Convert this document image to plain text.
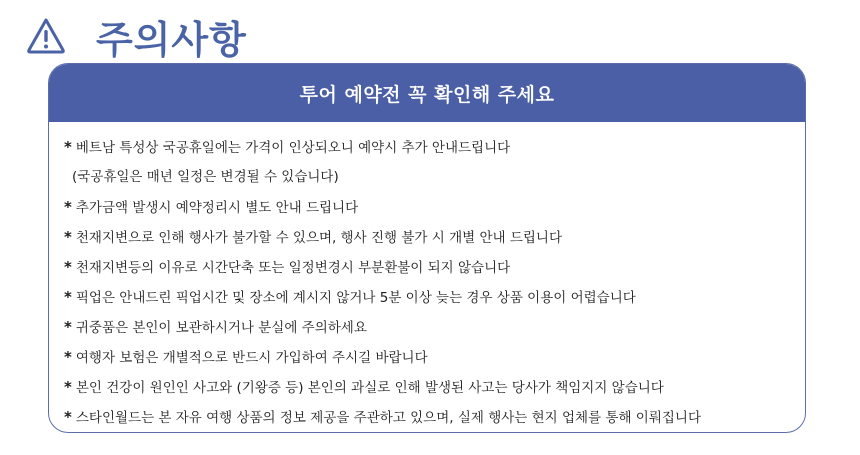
주의사항
투어 예약전 꼭 확인해 주세요
* 베트남 특성상 국공휴일에는 가격이 인상되오니 예약시 추가 안내드립니다
(국공휴일은 매년 일정은 변경될 수 있습니다)
* 추가금액 발생시 예약정리시 별도 안내 드립니다
* 천재지변으로 인해 행사가 불가할 수 있으며, 행사 진행 불가 시 개별 안내 드립니다
* 천재지변등의 이유로 시간단축 또는 일정변경시 부분환불이 되지 않습니다
* 픽업은 안내드린 픽업시간 및 장소에 계시지 않거나 5분 이상 늦는 경우 상품 이용이 어렵습니다
* 귀중품은 본인이 보관하시거나 분실에 주의하세요
* 여행자 보험은 개별적으로 반드시 가입하여 주시길 바랍니다
* 본인 건강이 원인인 사고와 (기왕증 등) 본인의 과실로 인해 발생된 사고는 당사가 책임지지 않습니다
* 스타인월드는 본 자유 여행 상품의 정보 제공을 주관하고 있으며, 실제 행사는 현지 업체를 통해 이뤄집니다
